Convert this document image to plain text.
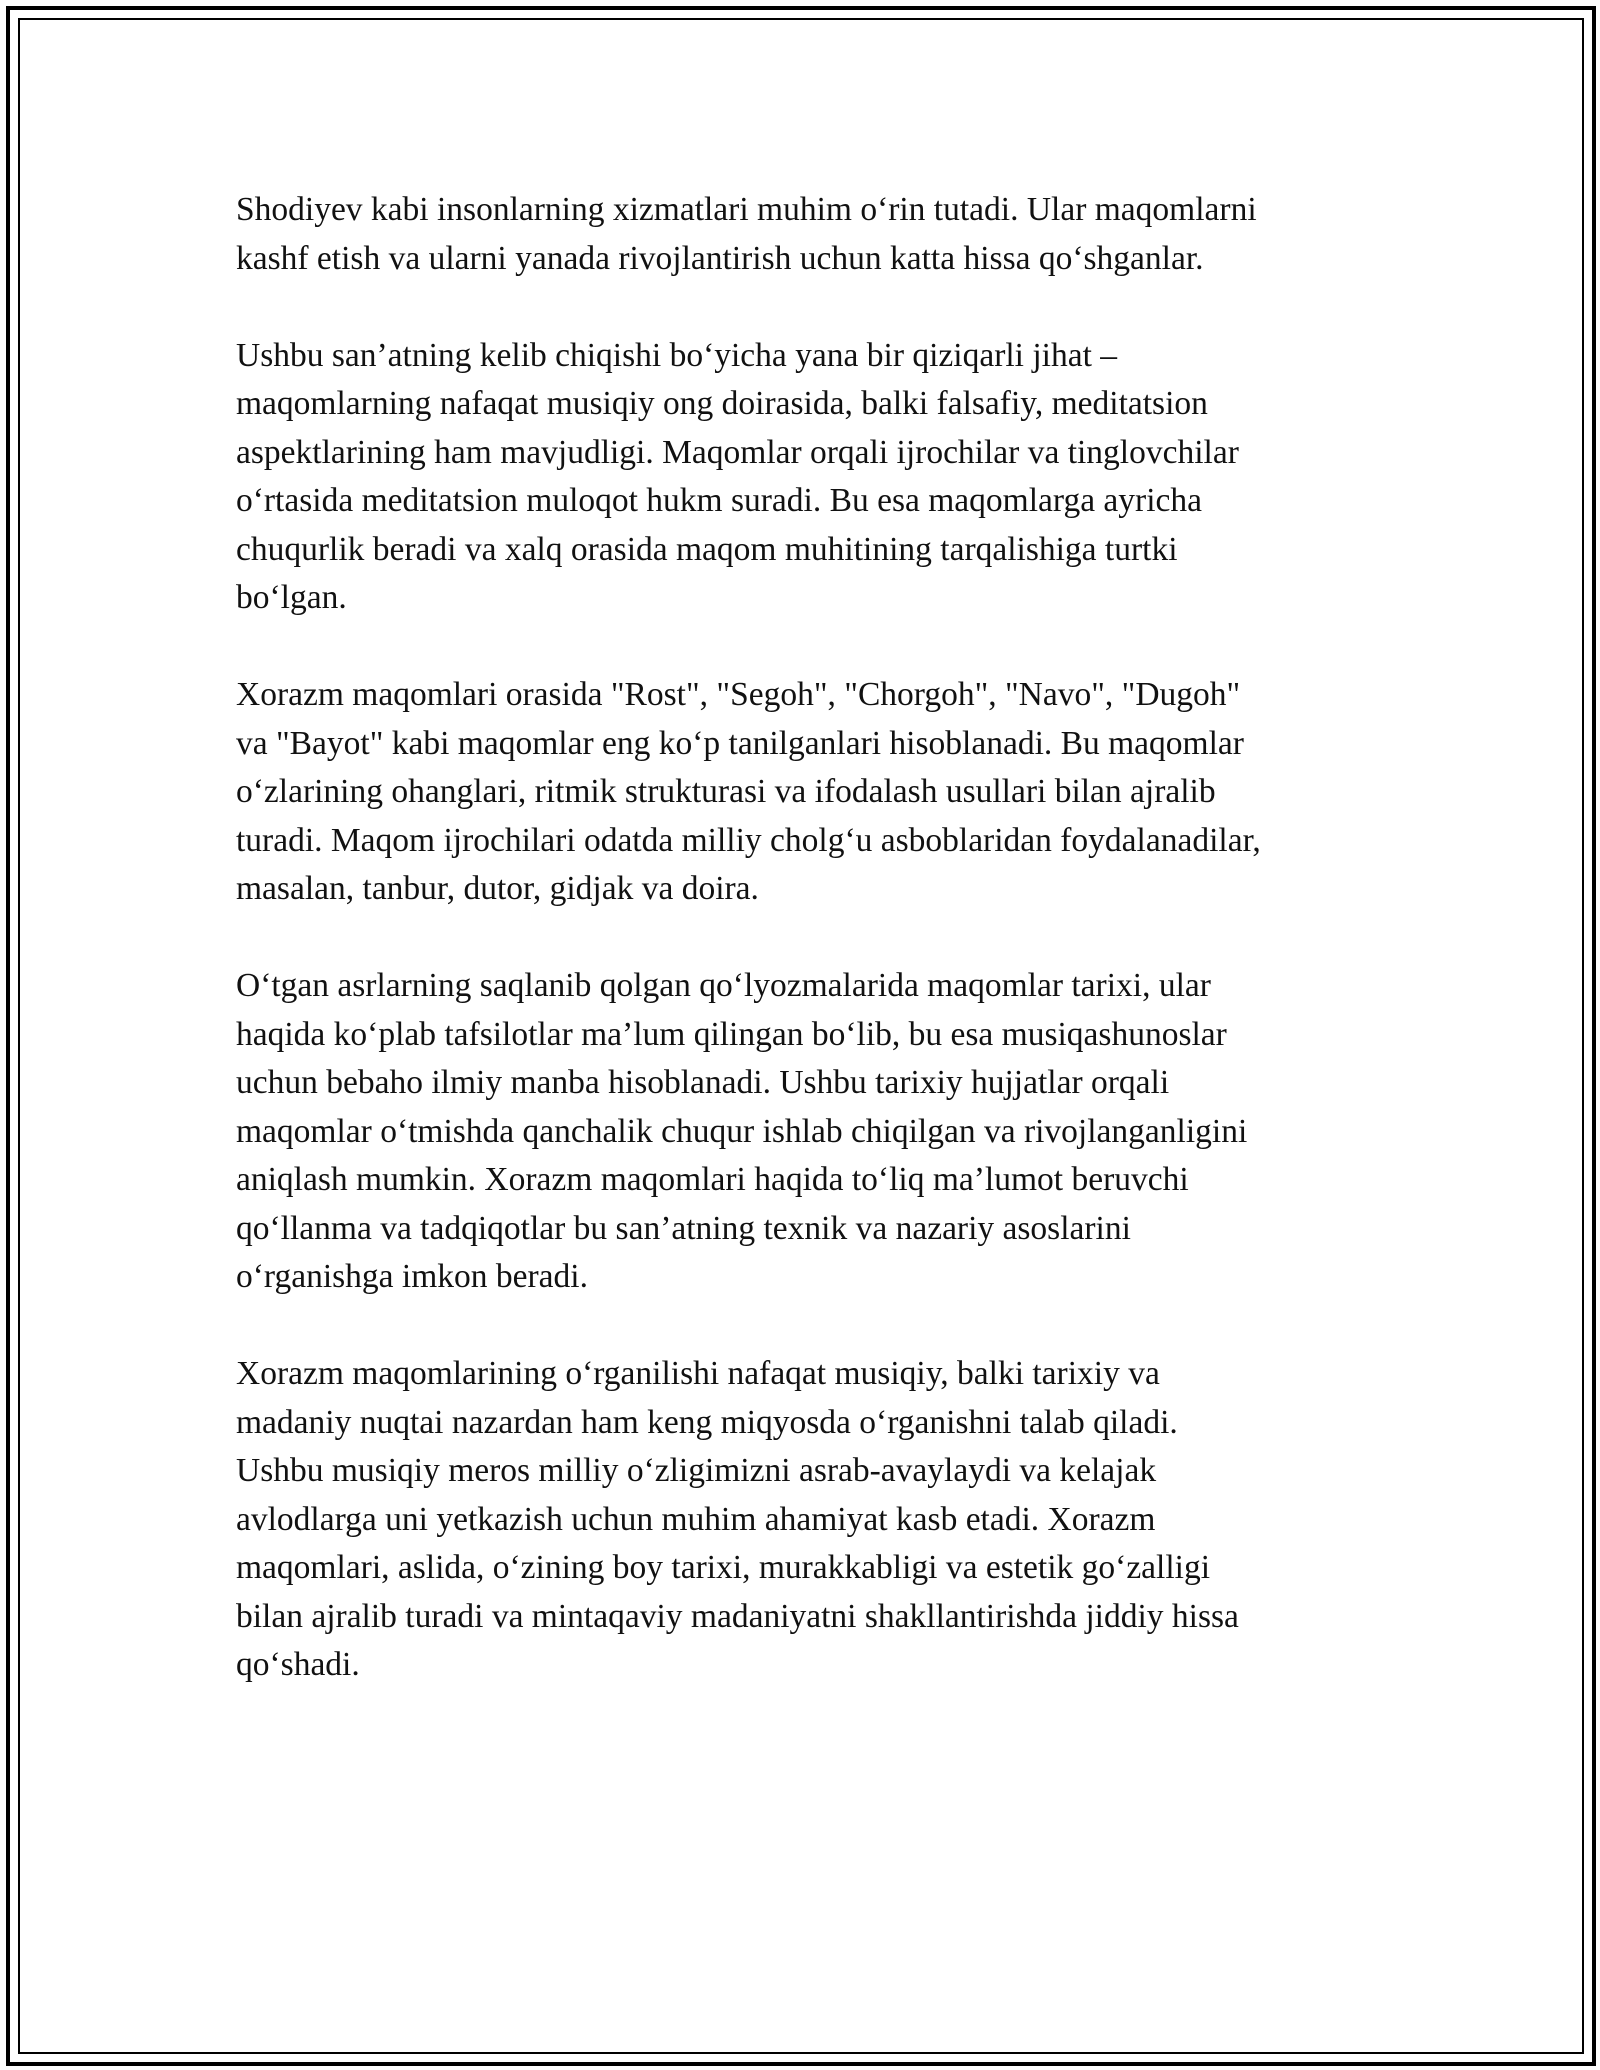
Shodiyev kabi insonlarning xizmatlari muhim o‘rin tutadi. Ular maqomlarni
kashf etish va ularni yanada rivojlantirish uchun katta hissa qo‘shganlar.

Ushbu san’atning kelib chiqishi bo‘yicha yana bir qiziqarli jihat –
maqomlarning nafaqat musiqiy ong doirasida, balki falsafiy, meditatsion
aspektlarining ham mavjudligi. Maqomlar orqali ijrochilar va tinglovchilar
o‘rtasida meditatsion muloqot hukm suradi. Bu esa maqomlarga ayricha
chuqurlik beradi va xalq orasida maqom muhitining tarqalishiga turtki
bo‘lgan.

Xorazm maqomlari orasida "Rost", "Segoh", "Chorgoh", "Navo", "Dugoh"
va "Bayot" kabi maqomlar eng ko‘p tanilganlari hisoblanadi. Bu maqomlar
o‘zlarining ohanglari, ritmik strukturasi va ifodalash usullari bilan ajralib
turadi. Maqom ijrochilari odatda milliy cholg‘u asboblaridan foydalanadilar,
masalan, tanbur, dutor, gidjak va doira.

O‘tgan asrlarning saqlanib qolgan qo‘lyozmalarida maqomlar tarixi, ular
haqida ko‘plab tafsilotlar ma’lum qilingan bo‘lib, bu esa musiqashunoslar
uchun bebaho ilmiy manba hisoblanadi. Ushbu tarixiy hujjatlar orqali
maqomlar o‘tmishda qanchalik chuqur ishlab chiqilgan va rivojlanganligini
aniqlash mumkin. Xorazm maqomlari haqida to‘liq ma’lumot beruvchi
qo‘llanma va tadqiqotlar bu san’atning texnik va nazariy asoslarini
o‘rganishga imkon beradi.

Xorazm maqomlarining o‘rganilishi nafaqat musiqiy, balki tarixiy va
madaniy nuqtai nazardan ham keng miqyosda o‘rganishni talab qiladi.
Ushbu musiqiy meros milliy o‘zligimizni asrab-avaylaydi va kelajak
avlodlarga uni yetkazish uchun muhim ahamiyat kasb etadi. Xorazm
maqomlari, aslida, o‘zining boy tarixi, murakkabligi va estetik go‘zalligi
bilan ajralib turadi va mintaqaviy madaniyatni shakllantirishda jiddiy hissa
qo‘shadi.
